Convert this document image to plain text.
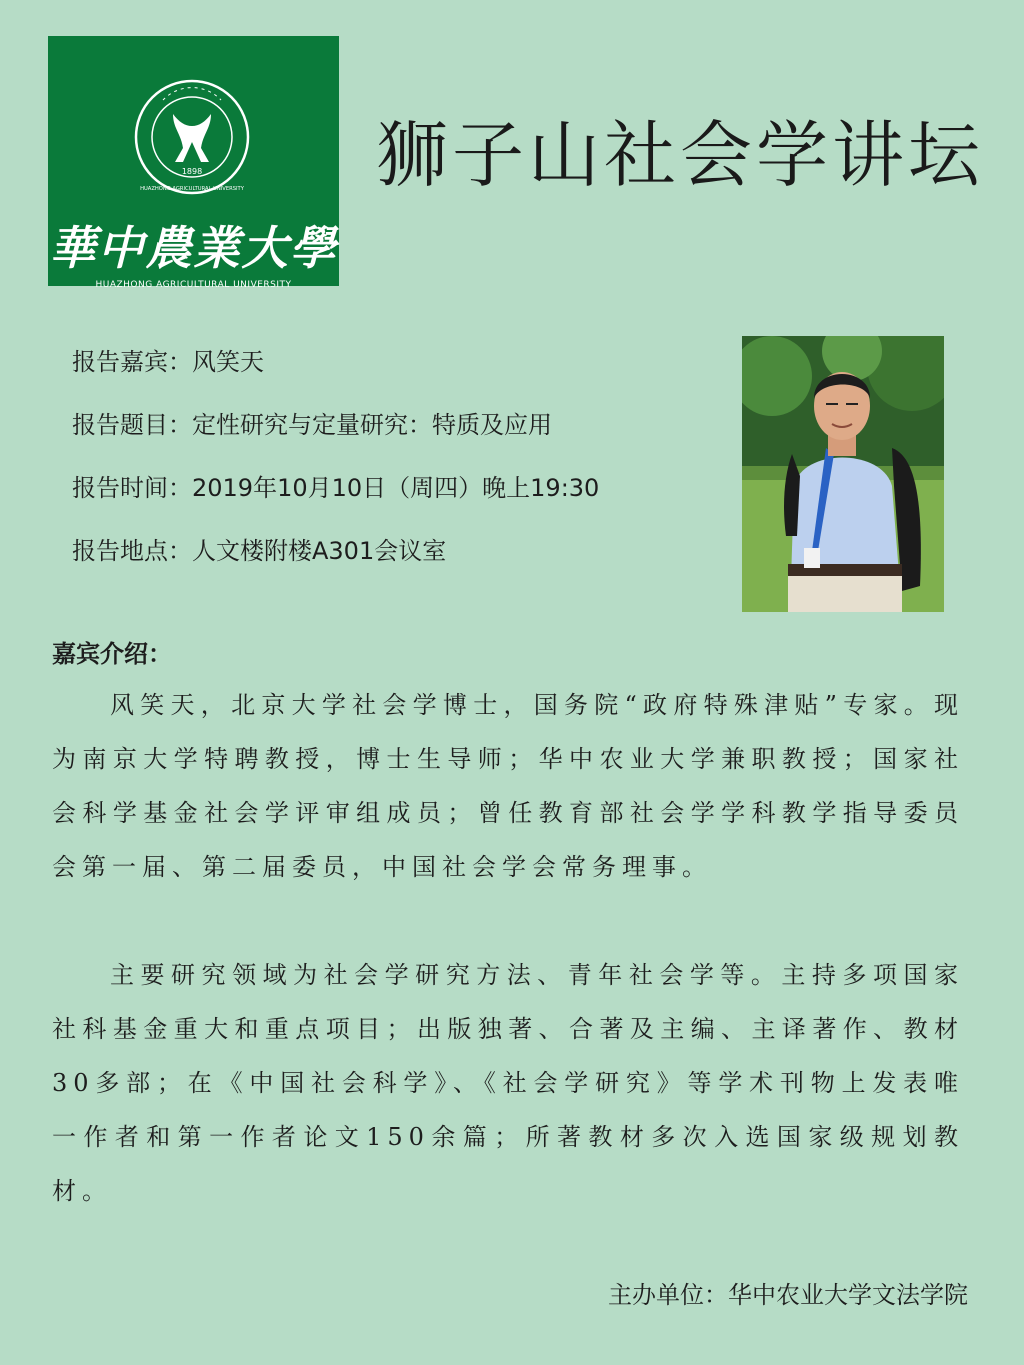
1898
HUAZHONG AGRICULTURAL UNIVERSITY
華中農業大學
HUAZHONG AGRICULTURAL UNIVERSITY
狮子山社会学讲坛
报告嘉宾：风笑天
报告题目：定性研究与定量研究：特质及应用
报告时间：2019年10月10日（周四）晚上19:30
报告地点：人文楼附楼A301会议室
嘉宾介绍：
风笑天，北京大学社会学博士，国务院“政府特殊津贴”专家。现为南京大学特聘教授，博士生导师；华中农业大学兼职教授；国家社会科学基金社会学评审组成员；曾任教育部社会学学科教学指导委员会第一届、第二届委员，中国社会学会常务理事。
主要研究领域为社会学研究方法、青年社会学等。主持多项国家社科基金重大和重点项目；出版独著、合著及主编、主译著作、教材30多部；在《中国社会科学》、《社会学研究》等学术刊物上发表唯一作者和第一作者论文150余篇；所著教材多次入选国家级规划教材。
主办单位：华中农业大学文法学院
